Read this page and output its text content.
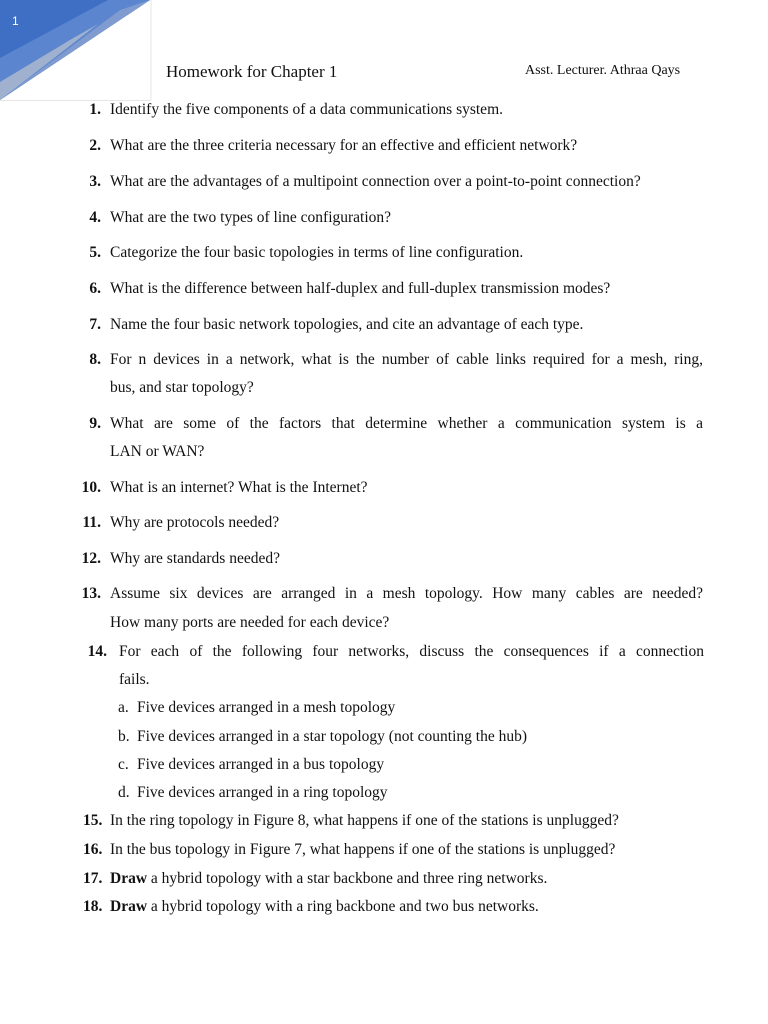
1
Homework for Chapter 1	Asst. Lecturer. Athraa Qays
1. Identify the five components of a data communications system.
2. What are the three criteria necessary for an effective and efficient network?
3. What are the advantages of a multipoint connection over a point-to-point connection?
4. What are the two types of line configuration?
5. Categorize the four basic topologies in terms of line configuration.
6. What is the difference between half-duplex and full-duplex transmission modes?
7. Name the four basic network topologies, and cite an advantage of each type.
8. For n devices in a network, what is the number of cable links required for a mesh, ring,
bus, and star topology?
9. What are some of the factors that determine whether a communication system is a
LAN or WAN?
10. What is an internet? What is the Internet?
11. Why are protocols needed?
12. Why are standards needed?
13. Assume six devices are arranged in a mesh topology. How many cables are needed?
How many ports are needed for each device?
14. For each of the following four networks, discuss the consequences if a connection
fails.
a. Five devices arranged in a mesh topology
b. Five devices arranged in a star topology (not counting the hub)
c. Five devices arranged in a bus topology
d. Five devices arranged in a ring topology
15. In the ring topology in Figure 8, what happens if one of the stations is unplugged?
16. In the bus topology in Figure 7, what happens if one of the stations is unplugged?
17. Draw a hybrid topology with a star backbone and three ring networks.
18. Draw a hybrid topology with a ring backbone and two bus networks.
